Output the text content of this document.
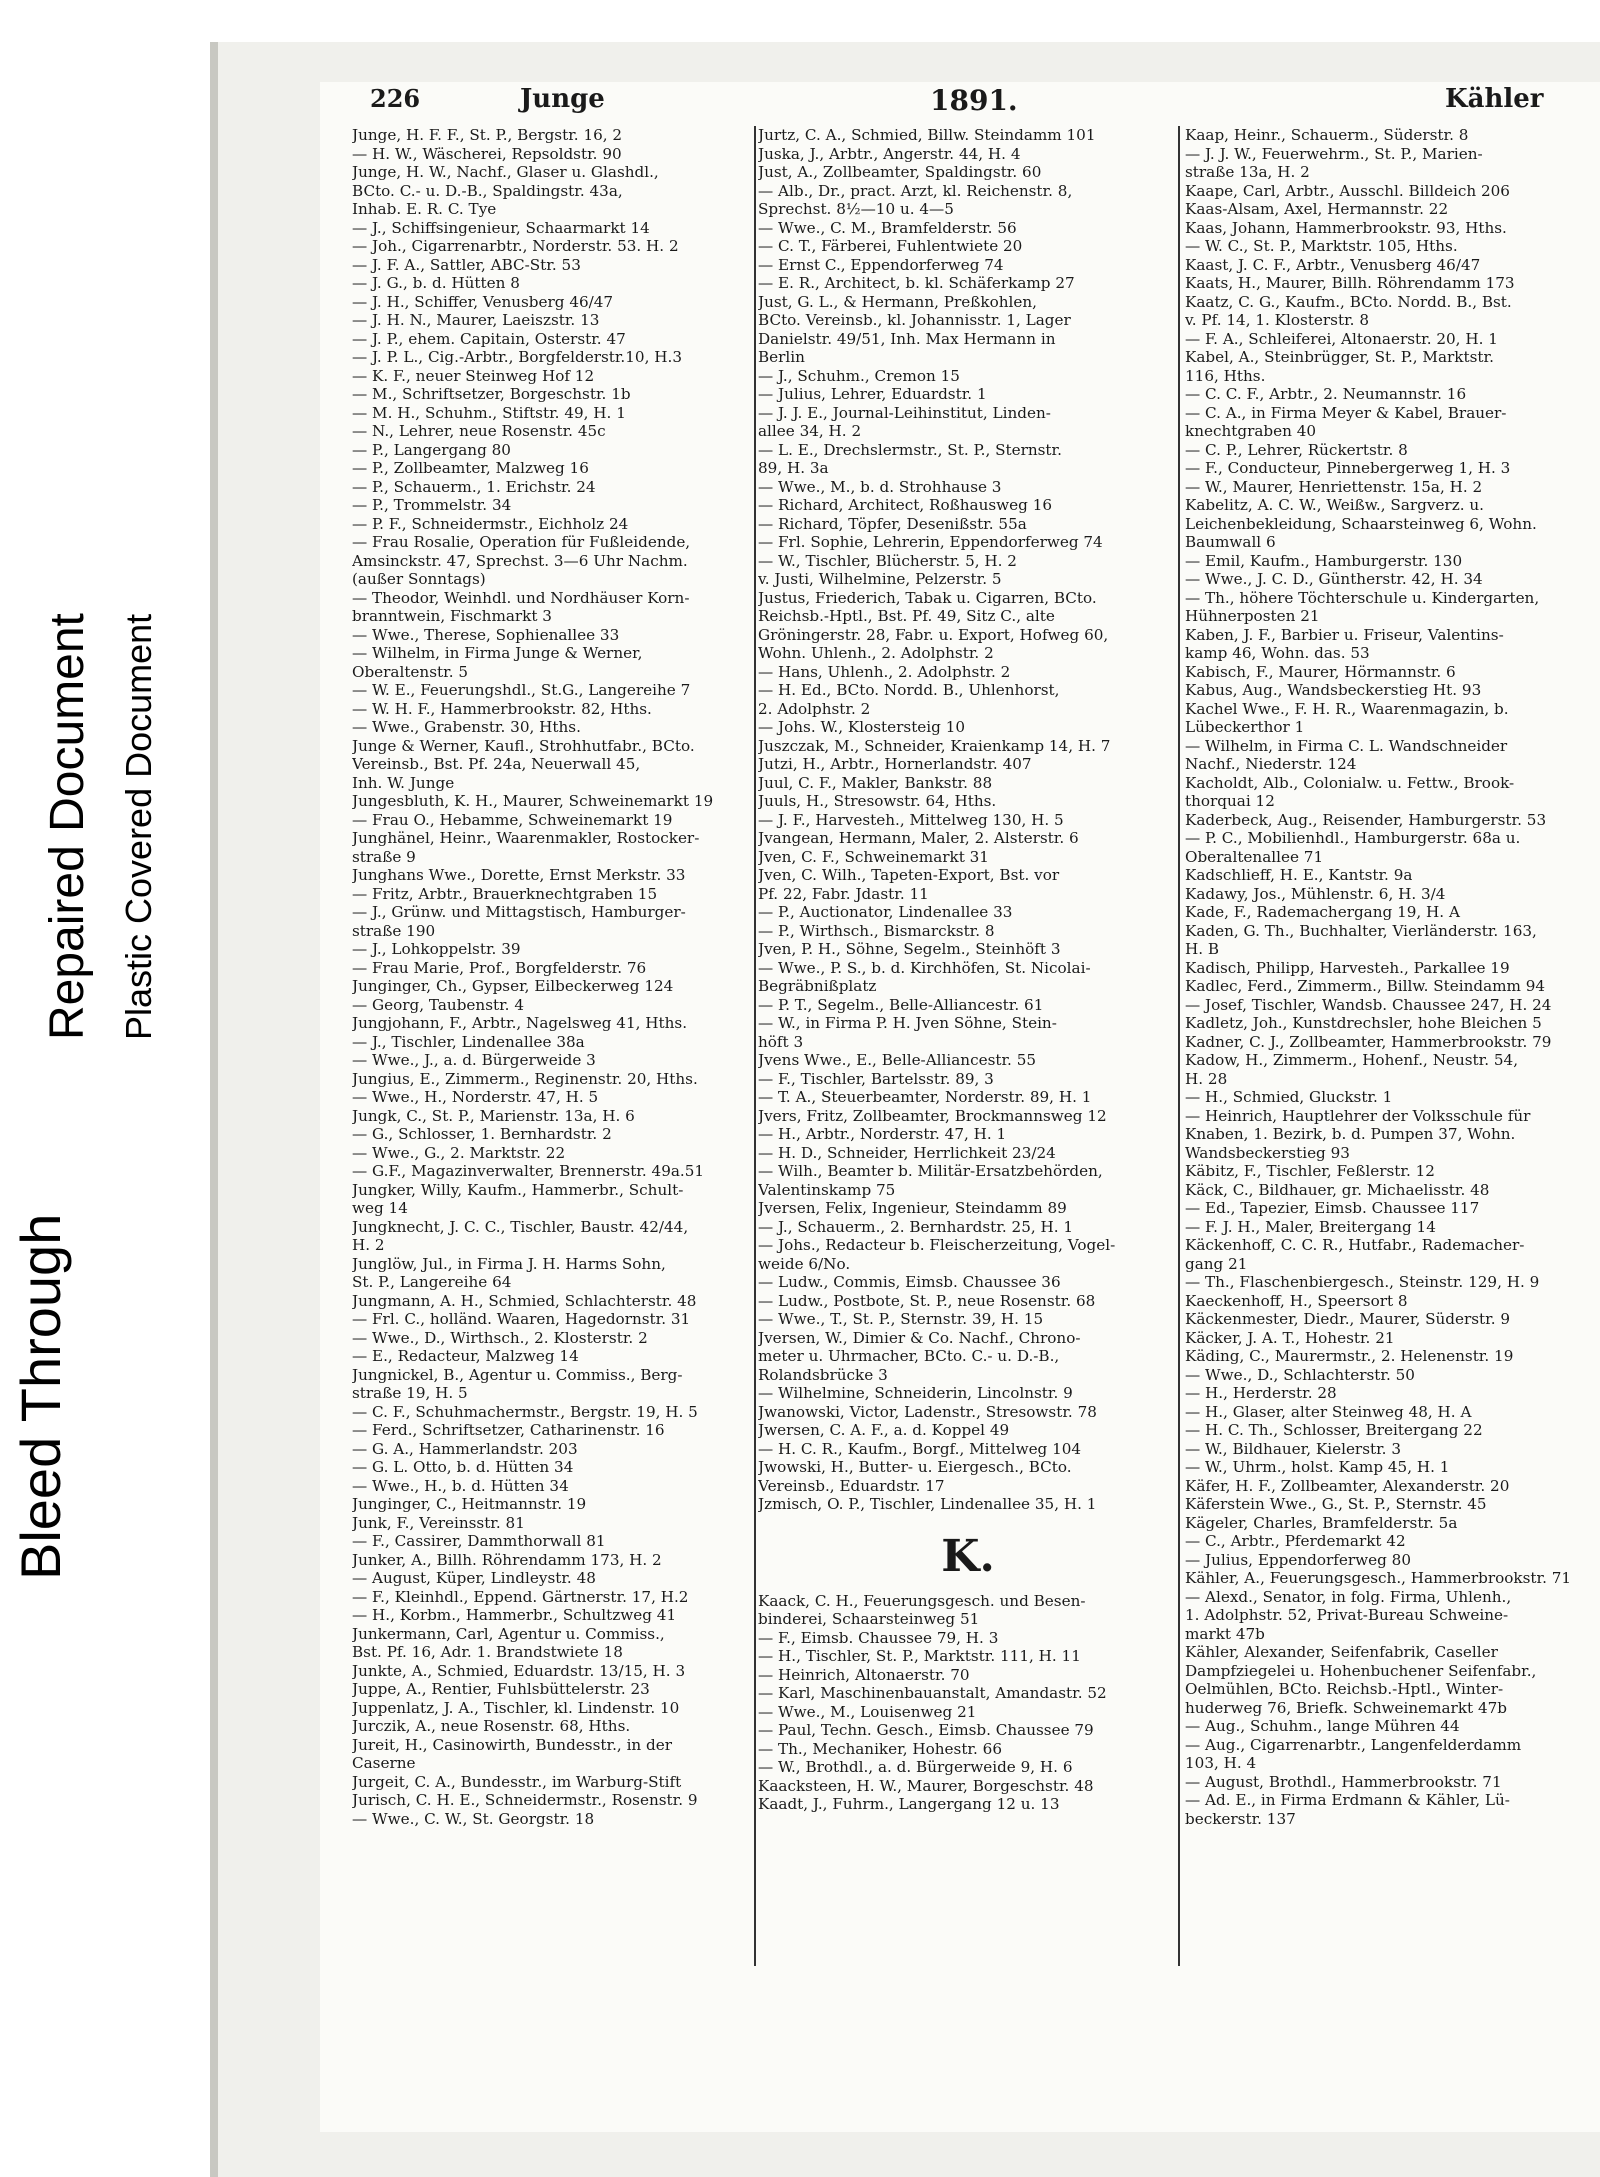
Bleed Through
Repaired Document Plastic Covered Document
226	Junge	1891.	Kähler
Junge, H. F. F., St. P., Bergstr. 16, 2
— H. W., Wäscherei, Repsoldstr. 90
Junge, H. W., Nachf., Glaser u. Glashdl.,
BCto. C.- u. D.-B., Spaldingstr. 43a,
Inhab. E. R. C. Tye
— J., Schiffsingenieur, Schaarmarkt 14
— Joh., Cigarrenarbtr., Norderstr. 53. H. 2
— J. F. A., Sattler, ABC-Str. 53
— J. G., b. d. Hütten 8
— J. H., Schiffer, Venusberg 46/47
— J. H. N., Maurer, Laeiszstr. 13
— J. P., ehem. Capitain, Osterstr. 47
— J. P. L., Cig.-Arbtr., Borgfelderstr.10, H.3
— K. F., neuer Steinweg Hof 12
— M., Schriftsetzer, Borgeschstr. 1b
— M. H., Schuhm., Stiftstr. 49, H. 1
— N., Lehrer, neue Rosenstr. 45c
— P., Langergang 80
— P., Zollbeamter, Malzweg 16
— P., Schauerm., 1. Erichstr. 24
— P., Trommelstr. 34
— P. F., Schneidermstr., Eichholz 24
— Frau Rosalie, Operation für Fußleidende,
Amsinckstr. 47, Sprechst. 3—6 Uhr Nachm.
(außer Sonntags)
— Theodor, Weinhdl. und Nordhäuser Korn-
branntwein, Fischmarkt 3
— Wwe., Therese, Sophienallee 33
— Wilhelm, in Firma Junge & Werner,
Oberaltenstr. 5
— W. E., Feuerungshdl., St.G., Langereihe 7
— W. H. F., Hammerbrookstr. 82, Hths.
— Wwe., Grabenstr. 30, Hths.
Junge & Werner, Kaufl., Strohhutfabr., BCto.
Vereinsb., Bst. Pf. 24a, Neuerwall 45,
Inh. W. Junge
Jungesbluth, K. H., Maurer, Schweinemarkt 19
— Frau O., Hebamme, Schweinemarkt 19
Junghänel, Heinr., Waarenmakler, Rostocker-
straße 9
Junghans Wwe., Dorette, Ernst Merkstr. 33
— Fritz, Arbtr., Brauerknechtgraben 15
— J., Grünw. und Mittagstisch, Hamburger-
straße 190
— J., Lohkoppelstr. 39
— Frau Marie, Prof., Borgfelderstr. 76
Junginger, Ch., Gypser, Eilbeckerweg 124
— Georg, Taubenstr. 4
Jungjohann, F., Arbtr., Nagelsweg 41, Hths.
— J., Tischler, Lindenallee 38a
— Wwe., J., a. d. Bürgerweide 3
Jungius, E., Zimmerm., Reginenstr. 20, Hths.
— Wwe., H., Norderstr. 47, H. 5
Jungk, C., St. P., Marienstr. 13a, H. 6
— G., Schlosser, 1. Bernhardstr. 2
— Wwe., G., 2. Marktstr. 22
— G.F., Magazinverwalter, Brennerstr. 49a.51
Jungker, Willy, Kaufm., Hammerbr., Schult-
weg 14
Jungknecht, J. C. C., Tischler, Baustr. 42/44,
H. 2
Junglöw, Jul., in Firma J. H. Harms Sohn,
St. P., Langereihe 64
Jungmann, A. H., Schmied, Schlachterstr. 48
— Frl. C., holländ. Waaren, Hagedornstr. 31
— Wwe., D., Wirthsch., 2. Klosterstr. 2
— E., Redacteur, Malzweg 14
Jungnickel, B., Agentur u. Commiss., Berg-
straße 19, H. 5
— C. F., Schuhmachermstr., Bergstr. 19, H. 5
— Ferd., Schriftsetzer, Catharinenstr. 16
— G. A., Hammerlandstr. 203
— G. L. Otto, b. d. Hütten 34
— Wwe., H., b. d. Hütten 34
Junginger, C., Heitmannstr. 19
Junk, F., Vereinsstr. 81
— F., Cassirer, Dammthorwall 81
Junker, A., Billh. Röhrendamm 173, H. 2
— August, Küper, Lindleystr. 48
— F., Kleinhdl., Eppend. Gärtnerstr. 17, H.2
— H., Korbm., Hammerbr., Schultzweg 41
Junkermann, Carl, Agentur u. Commiss.,
Bst. Pf. 16, Adr. 1. Brandstwiete 18
Junkte, A., Schmied, Eduardstr. 13/15, H. 3
Juppe, A., Rentier, Fuhlsbüttelerstr. 23
Juppenlatz, J. A., Tischler, kl. Lindenstr. 10
Jurczik, A., neue Rosenstr. 68, Hths.
Jureit, H., Casinowirth, Bundesstr., in der
Caserne
Jurgeit, C. A., Bundesstr., im Warburg-Stift
Jurisch, C. H. E., Schneidermstr., Rosenstr. 9
— Wwe., C. W., St. Georgstr. 18
Jurtz, C. A., Schmied, Billw. Steindamm 101
Juska, J., Arbtr., Angerstr. 44, H. 4
Just, A., Zollbeamter, Spaldingstr. 60
— Alb., Dr., pract. Arzt, kl. Reichenstr. 8,
Sprechst. 8½—10 u. 4—5
— Wwe., C. M., Bramfelderstr. 56
— C. T., Färberei, Fuhlentwiete 20
— Ernst C., Eppendorferweg 74
— E. R., Architect, b. kl. Schäferkamp 27
Just, G. L., & Hermann, Preßkohlen,
BCto. Vereinsb., kl. Johannisstr. 1, Lager
Danielstr. 49/51, Inh. Max Hermann in
Berlin
— J., Schuhm., Cremon 15
— Julius, Lehrer, Eduardstr. 1
— J. J. E., Journal-Leihinstitut, Linden-
allee 34, H. 2
— L. E., Drechslermstr., St. P., Sternstr.
89, H. 3a
— Wwe., M., b. d. Strohhause 3
— Richard, Architect, Roßhausweg 16
— Richard, Töpfer, Desenißstr. 55a
— Frl. Sophie, Lehrerin, Eppendorferweg 74
— W., Tischler, Blücherstr. 5, H. 2
v. Justi, Wilhelmine, Pelzerstr. 5
Justus, Friederich, Tabak u. Cigarren, BCto.
Reichsb.-Hptl., Bst. Pf. 49, Sitz C., alte
Gröningerstr. 28, Fabr. u. Export, Hofweg 60,
Wohn. Uhlenh., 2. Adolphstr. 2
— Hans, Uhlenh., 2. Adolphstr. 2
— H. Ed., BCto. Nordd. B., Uhlenhorst,
2. Adolphstr. 2
— Johs. W., Klostersteig 10
Juszczak, M., Schneider, Kraienkamp 14, H. 7
Jutzi, H., Arbtr., Hornerlandstr. 407
Juul, C. F., Makler, Bankstr. 88
Juuls, H., Stresowstr. 64, Hths.
— J. F., Harvesteh., Mittelweg 130, H. 5
Jvangean, Hermann, Maler, 2. Alsterstr. 6
Jven, C. F., Schweinemarkt 31
Jven, C. Wilh., Tapeten-Export, Bst. vor
Pf. 22, Fabr. Jdastr. 11
— P., Auctionator, Lindenallee 33
— P., Wirthsch., Bismarckstr. 8
Jven, P. H., Söhne, Segelm., Steinhöft 3
— Wwe., P. S., b. d. Kirchhöfen, St. Nicolai-
Begräbnißplatz
— P. T., Segelm., Belle-Alliancestr. 61
— W., in Firma P. H. Jven Söhne, Stein-
höft 3
Jvens Wwe., E., Belle-Alliancestr. 55
— F., Tischler, Bartelsstr. 89, 3
— T. A., Steuerbeamter, Norderstr. 89, H. 1
Jvers, Fritz, Zollbeamter, Brockmannsweg 12
— H., Arbtr., Norderstr. 47, H. 1
— H. D., Schneider, Herrlichkeit 23/24
— Wilh., Beamter b. Militär-Ersatzbehörden,
Valentinskamp 75
Jversen, Felix, Ingenieur, Steindamm 89
— J., Schauerm., 2. Bernhardstr. 25, H. 1
— Johs., Redacteur b. Fleischerzeitung, Vogel-
weide 6/No.
— Ludw., Commis, Eimsb. Chaussee 36
— Ludw., Postbote, St. P., neue Rosenstr. 68
— Wwe., T., St. P., Sternstr. 39, H. 15
Jversen, W., Dimier & Co. Nachf., Chrono-
meter u. Uhrmacher, BCto. C.- u. D.-B.,
Rolandsbrücke 3
— Wilhelmine, Schneiderin, Lincolnstr. 9
Jwanowski, Victor, Ladenstr., Stresowstr. 78
Jwersen, C. A. F., a. d. Koppel 49
— H. C. R., Kaufm., Borgf., Mittelweg 104
Jwowski, H., Butter- u. Eiergesch., BCto.
Vereinsb., Eduardstr. 17
Jzmisch, O. P., Tischler, Lindenallee 35, H. 1
K.
Kaack, C. H., Feuerungsgesch. und Besen-
binderei, Schaarsteinweg 51
— F., Eimsb. Chaussee 79, H. 3
— H., Tischler, St. P., Marktstr. 111, H. 11
— Heinrich, Altonaerstr. 70
— Karl, Maschinenbauanstalt, Amandastr. 52
— Wwe., M., Louisenweg 21
— Paul, Techn. Gesch., Eimsb. Chaussee 79
— Th., Mechaniker, Hohestr. 66
— W., Brothdl., a. d. Bürgerweide 9, H. 6
Kaacksteen, H. W., Maurer, Borgeschstr. 48
Kaadt, J., Fuhrm., Langergang 12 u. 13
Kaap, Heinr., Schauerm., Süderstr. 8
— J. J. W., Feuerwehrm., St. P., Marien-
straße 13a, H. 2
Kaape, Carl, Arbtr., Ausschl. Billdeich 206
Kaas-Alsam, Axel, Hermannstr. 22
Kaas, Johann, Hammerbrookstr. 93, Hths.
— W. C., St. P., Marktstr. 105, Hths.
Kaast, J. C. F., Arbtr., Venusberg 46/47
Kaats, H., Maurer, Billh. Röhrendamm 173
Kaatz, C. G., Kaufm., BCto. Nordd. B., Bst.
v. Pf. 14, 1. Klosterstr. 8
— F. A., Schleiferei, Altonaerstr. 20, H. 1
Kabel, A., Steinbrügger, St. P., Marktstr.
116, Hths.
— C. C. F., Arbtr., 2. Neumannstr. 16
— C. A., in Firma Meyer & Kabel, Brauer-
knechtgraben 40
— C. P., Lehrer, Rückertstr. 8
— F., Conducteur, Pinnebergerweg 1, H. 3
— W., Maurer, Henriettenstr. 15a, H. 2
Kabelitz, A. C. W., Weißw., Sargverz. u.
Leichenbekleidung, Schaarsteinweg 6, Wohn.
Baumwall 6
— Emil, Kaufm., Hamburgerstr. 130
— Wwe., J. C. D., Güntherstr. 42, H. 34
— Th., höhere Töchterschule u. Kindergarten,
Hühnerposten 21
Kaben, J. F., Barbier u. Friseur, Valentins-
kamp 46, Wohn. das. 53
Kabisch, F., Maurer, Hörmannstr. 6
Kabus, Aug., Wandsbeckerstieg Ht. 93
Kachel Wwe., F. H. R., Waarenmagazin, b.
Lübeckerthor 1
— Wilhelm, in Firma C. L. Wandschneider
Nachf., Niederstr. 124
Kacholdt, Alb., Colonialw. u. Fettw., Brook-
thorquai 12
Kaderbeck, Aug., Reisender, Hamburgerstr. 53
— P. C., Mobilienhdl., Hamburgerstr. 68a u.
Oberaltenallee 71
Kadschlieff, H. E., Kantstr. 9a
Kadawy, Jos., Mühlenstr. 6, H. 3/4
Kade, F., Rademachergang 19, H. A
Kaden, G. Th., Buchhalter, Vierländerstr. 163,
H. B
Kadisch, Philipp, Harvesteh., Parkallee 19
Kadlec, Ferd., Zimmerm., Billw. Steindamm 94
— Josef, Tischler, Wandsb. Chaussee 247, H. 24
Kadletz, Joh., Kunstdrechsler, hohe Bleichen 5
Kadner, C. J., Zollbeamter, Hammerbrookstr. 79
Kadow, H., Zimmerm., Hohenf., Neustr. 54,
H. 28
— H., Schmied, Gluckstr. 1
— Heinrich, Hauptlehrer der Volksschule für
Knaben, 1. Bezirk, b. d. Pumpen 37, Wohn.
Wandsbeckerstieg 93
Käbitz, F., Tischler, Feßlerstr. 12
Käck, C., Bildhauer, gr. Michaelisstr. 48
— Ed., Tapezier, Eimsb. Chaussee 117
— F. J. H., Maler, Breitergang 14
Käckenhoff, C. C. R., Hutfabr., Rademacher-
gang 21
— Th., Flaschenbiergesch., Steinstr. 129, H. 9
Kaeckenhoff, H., Speersort 8
Käckenmester, Diedr., Maurer, Süderstr. 9
Käcker, J. A. T., Hohestr. 21
Käding, C., Maurermstr., 2. Helenenstr. 19
— Wwe., D., Schlachterstr. 50
— H., Herderstr. 28
— H., Glaser, alter Steinweg 48, H. A
— H. C. Th., Schlosser, Breitergang 22
— W., Bildhauer, Kielerstr. 3
— W., Uhrm., holst. Kamp 45, H. 1
Käfer, H. F., Zollbeamter, Alexanderstr. 20
Käferstein Wwe., G., St. P., Sternstr. 45
Kägeler, Charles, Bramfelderstr. 5a
— C., Arbtr., Pferdemarkt 42
— Julius, Eppendorferweg 80
Kähler, A., Feuerungsgesch., Hammerbrookstr. 71
— Alexd., Senator, in folg. Firma, Uhlenh.,
1. Adolphstr. 52, Privat-Bureau Schweine-
markt 47b
Kähler, Alexander, Seifenfabrik, Caseller
Dampfziegelei u. Hohenbuchener Seifenfabr.,
Oelmühlen, BCto. Reichsb.-Hptl., Winter-
huderweg 76, Briefk. Schweinemarkt 47b
— Aug., Schuhm., lange Mühren 44
— Aug., Cigarrenarbtr., Langenfelderdamm
103, H. 4
— August, Brothdl., Hammerbrookstr. 71
— Ad. E., in Firma Erdmann & Kähler, Lü-
beckerstr. 137
